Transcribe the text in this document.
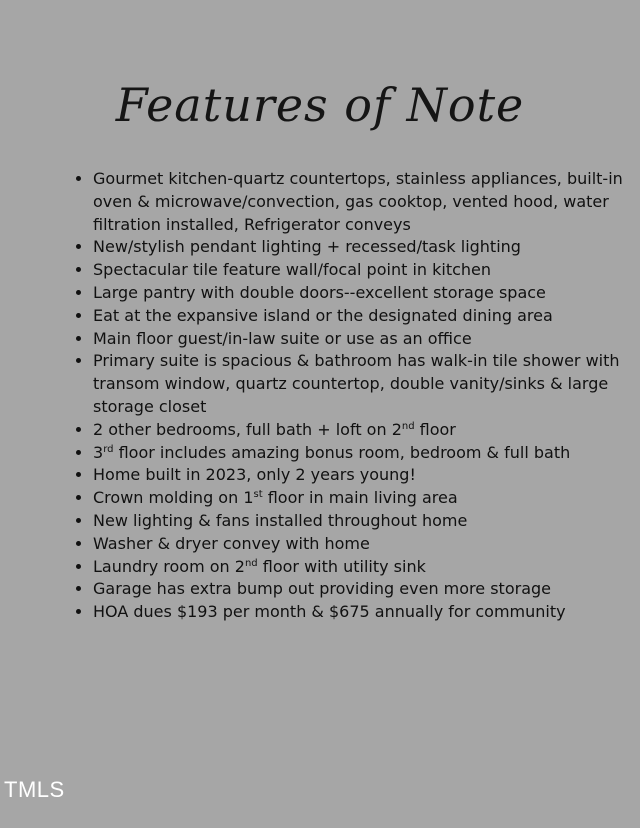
Features of Note
• Gourmet kitchen-quartz countertops, stainless appliances, built-in oven & microwave/convection, gas cooktop, vented hood, water filtration installed, Refrigerator conveys
• New/stylish pendant lighting + recessed/task lighting
• Spectacular tile feature wall/focal point in kitchen
• Large pantry with double doors--excellent storage space
• Eat at the expansive island or the designated dining area
• Main floor guest/in-law suite or use as an office
• Primary suite is spacious & bathroom has walk-in tile shower with transom window, quartz countertop, double vanity/sinks & large storage closet
• 2 other bedrooms, full bath + loft on 2nd floor
• 3rd floor includes amazing bonus room, bedroom & full bath
• Home built in 2023, only 2 years young!
• Crown molding on 1st floor in main living area
• New lighting & fans installed throughout home
• Washer & dryer convey with home
• Laundry room on 2nd floor with utility sink
• Garage has extra bump out providing even more storage
• HOA dues $193 per month & $675 annually for community
TMLS
